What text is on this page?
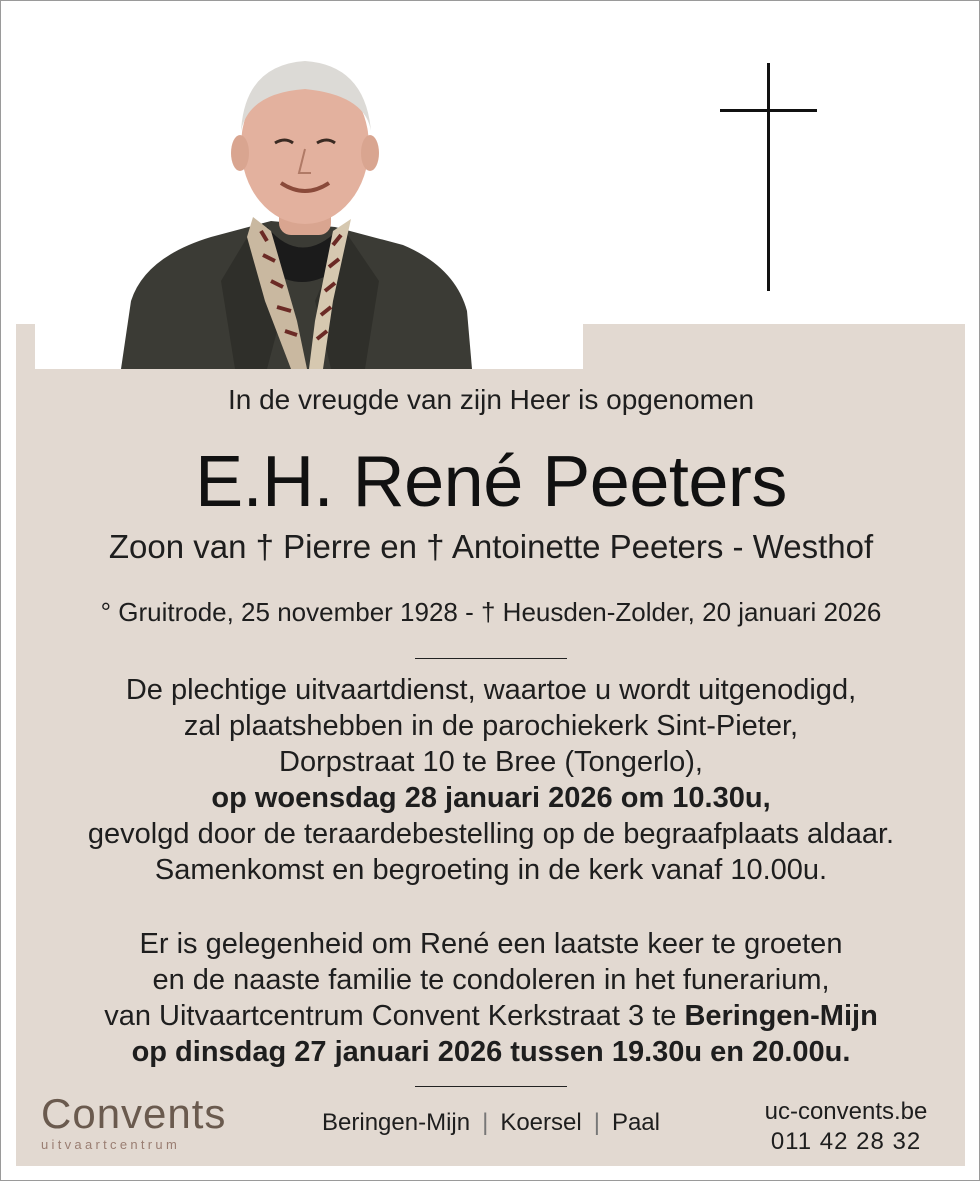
In de vreugde van zijn Heer is opgenomen
E.H. René Peeters
Zoon van † Pierre en † Antoinette Peeters - Westhof
° Gruitrode, 25 november 1928 - † Heusden-Zolder, 20 januari 2026
De plechtige uitvaartdienst, waartoe u wordt uitgenodigd,
zal plaatshebben in de parochiekerk Sint-Pieter,
Dorpstraat 10 te Bree (Tongerlo),
op woensdag 28 januari 2026 om 10.30u,
gevolgd door de teraardebestelling op de begraafplaats aldaar.
Samenkomst en begroeting in de kerk vanaf 10.00u.
Er is gelegenheid om René een laatste keer te groeten
en de naaste familie te condoleren in het funerarium,
van Uitvaartcentrum Convent Kerkstraat 3 te Beringen-Mijn
op dinsdag 27 januari 2026 tussen 19.30u en 20.00u.
Convents
uitvaartcentrum
Beringen-Mijn | Koersel | Paal	uc-convents.be
011 42 28 32
